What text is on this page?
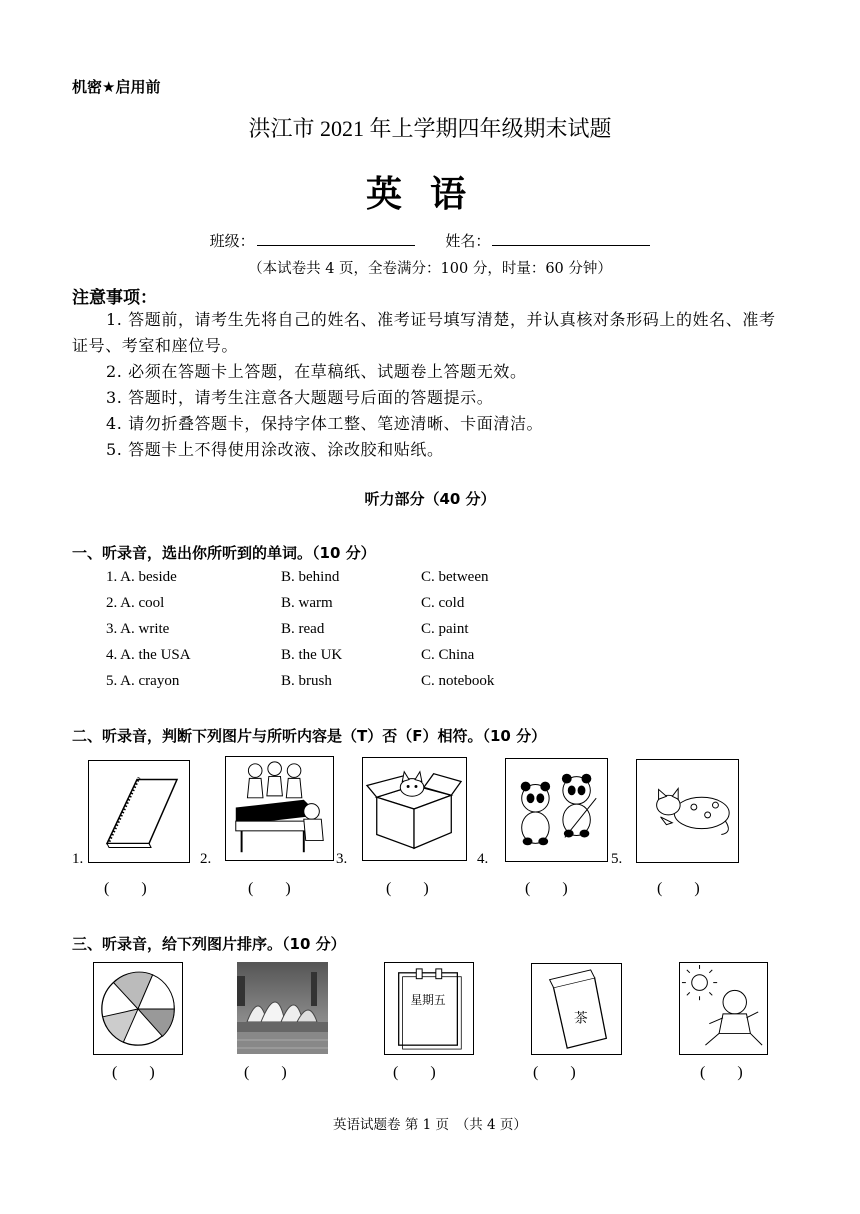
机密★启用前
洪江市 2021 年上学期四年级期末试题
英语
班级：	姓名：
（本试卷共 4 页，全卷满分：100 分，时量：60 分钟）
注意事项：

1. 答题前，请考生先将自己的姓名、准考证号填写清楚，并认真核对条形码上的姓名、准考证号、考室和座位号。

2. 必须在答题卡上答题，在草稿纸、试题卷上答题无效。

3. 答题时，请考生注意各大题题号后面的答题提示。

4. 请勿折叠答题卡，保持字体工整、笔迹清晰、卡面清洁。

5. 答题卡上不得使用涂改液、涂改胶和贴纸。

听力部分（40 分）
一、听录音，选出你所听到的单词。（10 分）
1. A. beside	B. behind	C. between
2. A. cool	B. warm	C. cold
3. A. write	B. read	C. paint
4. A. the USA	B. the UK	C. China
5. A. crayon	B. brush	C. notebook
二、听录音，判断下列图片与所听内容是（T）否（F）相符。（10 分）
1.	2.	3.	4.	5.
(        )	(        )	(        )	(        )	(        )
三、听录音，给下列图片排序。（10 分）
星期五
茶
(        )	(        )	(        )	(        )	(        )
英语试题卷 第 1 页　（共 4 页）
